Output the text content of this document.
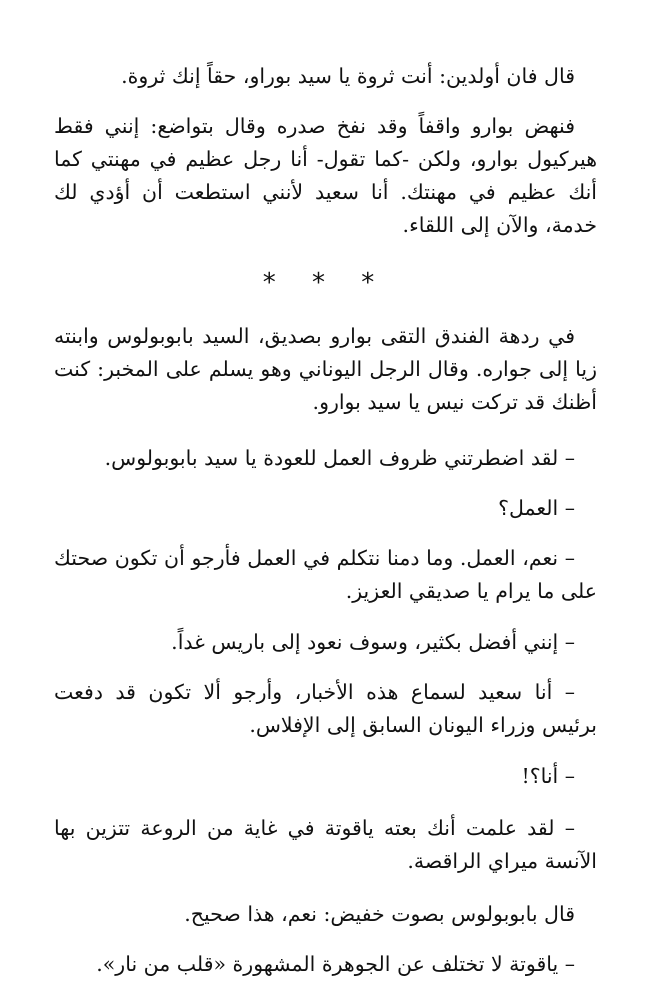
قال فان أولدين: أنت ثروة يا سيد بوراو، حقاً إنك ثروة.

فنهض بوارو واقفاً وقد نفخ صدره وقال بتواضع: إنني فقط هيركيول بوارو، ولكن -كما تقول- أنا رجل عظيم في مهنتي كما أنك عظيم في مهنتك. أنا سعيد لأنني استطعت أن أؤدي لك خدمة، والآن إلى اللقاء.

* * *

في ردهة الفندق التقى بوارو بصديق، السيد بابوبولوس وابنته زيا إلى جواره. وقال الرجل اليوناني وهو يسلم على المخبر: كنت أظنك قد تركت نيس يا سيد بوارو.

– لقد اضطرتني ظروف العمل للعودة يا سيد بابوبولوس.

– العمل؟

– نعم، العمل. وما دمنا نتكلم في العمل فأرجو أن تكون صحتك على ما يرام يا صديقي العزيز.

– إنني أفضل بكثير، وسوف نعود إلى باريس غداً.

– أنا سعيد لسماع هذه الأخبار، وأرجو ألا تكون قد دفعت برئيس وزراء اليونان السابق إلى الإفلاس.

– أنا؟!

– لقد علمت أنك بعته ياقوتة في غاية من الروعة تتزين بها الآنسة ميراي الراقصة.

قال بابوبولوس بصوت خفيض: نعم، هذا صحيح.

– ياقوتة لا تختلف عن الجوهرة المشهورة «قلب من نار».
